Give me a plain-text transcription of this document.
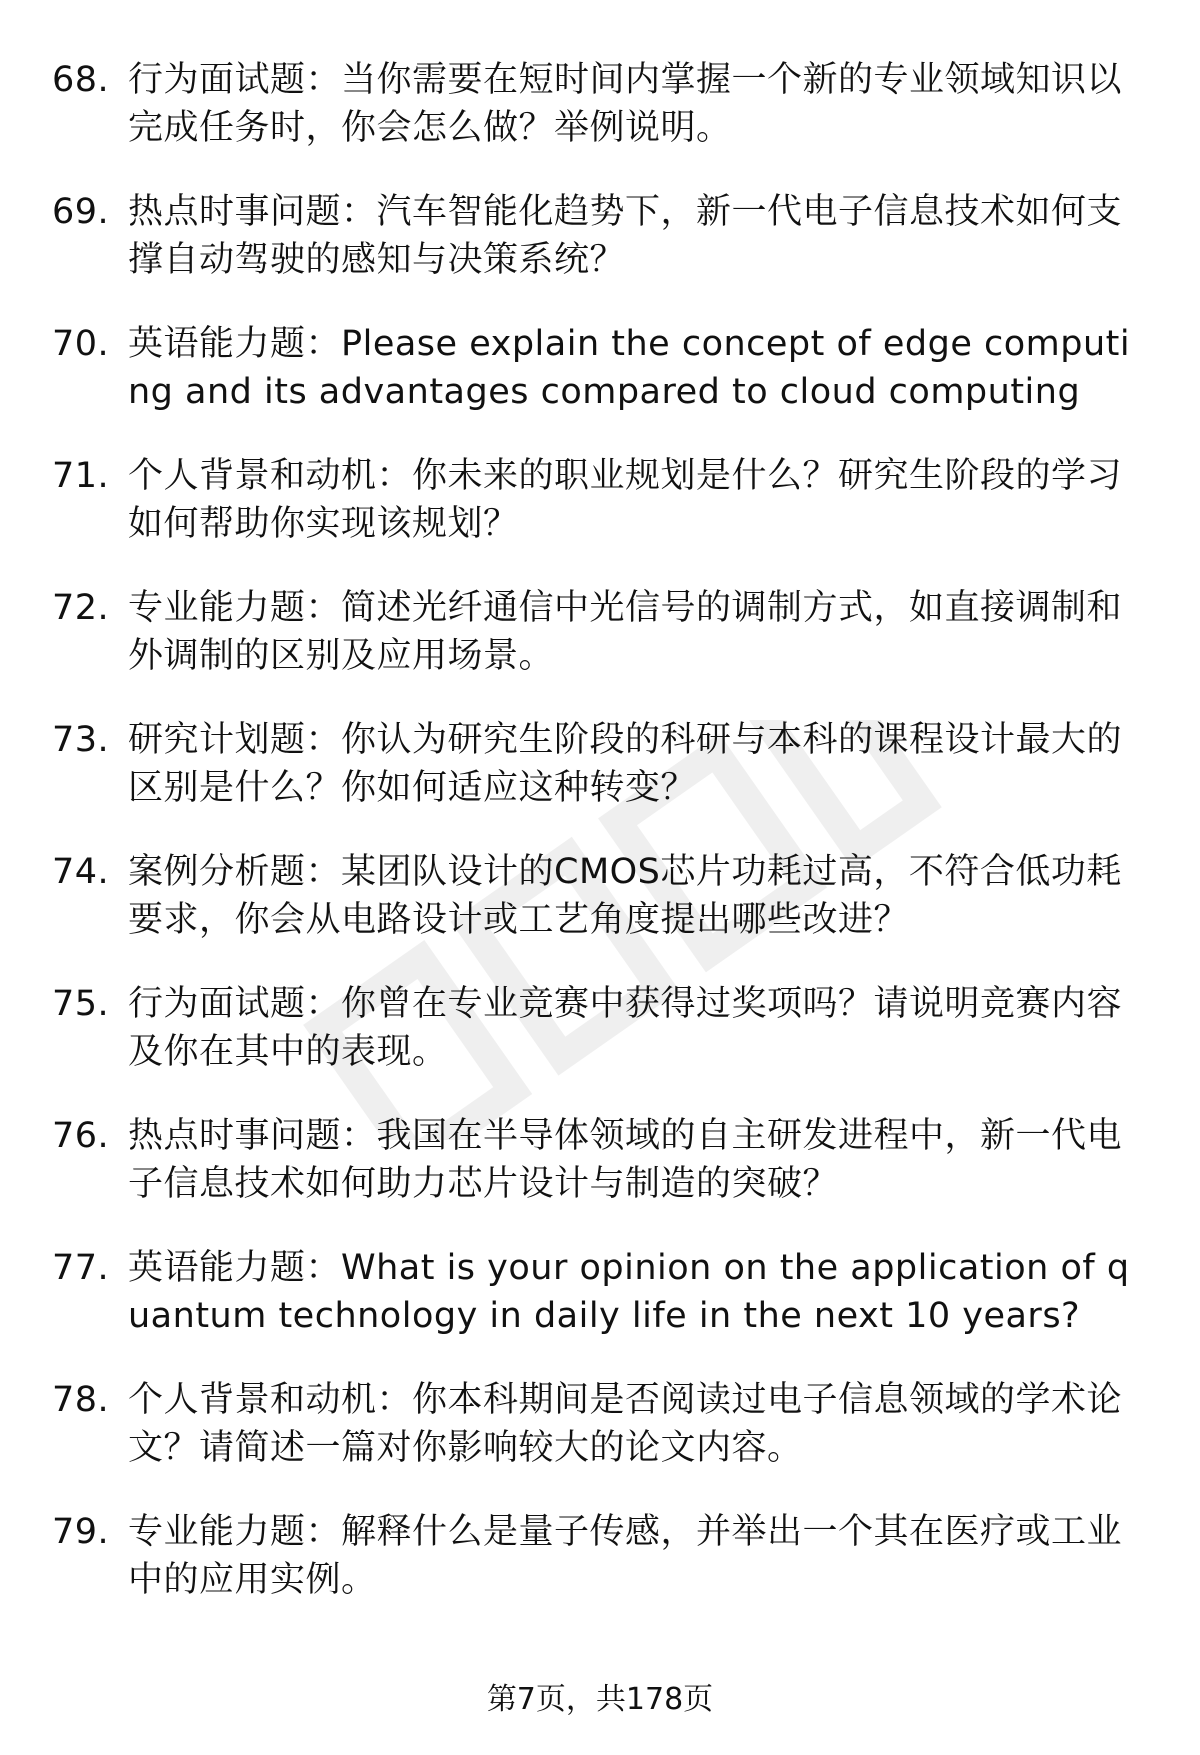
68. 行为面试题：当你需要在短时间内掌握一个新的专业领域知识以完成任务时，你会怎么做？举例说明。
69. 热点时事问题：汽车智能化趋势下，新一代电子信息技术如何支撑自动驾驶的感知与决策系统？
70. 英语能力题：Please explain the concept of edge computing and its advantages compared to cloud computing
71. 个人背景和动机：你未来的职业规划是什么？研究生阶段的学习如何帮助你实现该规划？
72. 专业能力题：简述光纤通信中光信号的调制方式，如直接调制和外调制的区别及应用场景。
73. 研究计划题：你认为研究生阶段的科研与本科的课程设计最大的区别是什么？你如何适应这种转变？
74. 案例分析题：某团队设计的CMOS芯片功耗过高，不符合低功耗要求，你会从电路设计或工艺角度提出哪些改进？
75. 行为面试题：你曾在专业竞赛中获得过奖项吗？请说明竞赛内容及你在其中的表现。
76. 热点时事问题：我国在半导体领域的自主研发进程中，新一代电子信息技术如何助力芯片设计与制造的突破？
77. 英语能力题：What is your opinion on the application of quantum technology in daily life in the next 10 years?
78. 个人背景和动机：你本科期间是否阅读过电子信息领域的学术论文？请简述一篇对你影响较大的论文内容。
79. 专业能力题：解释什么是量子传感，并举出一个其在医疗或工业中的应用实例。
第7页，共178页
